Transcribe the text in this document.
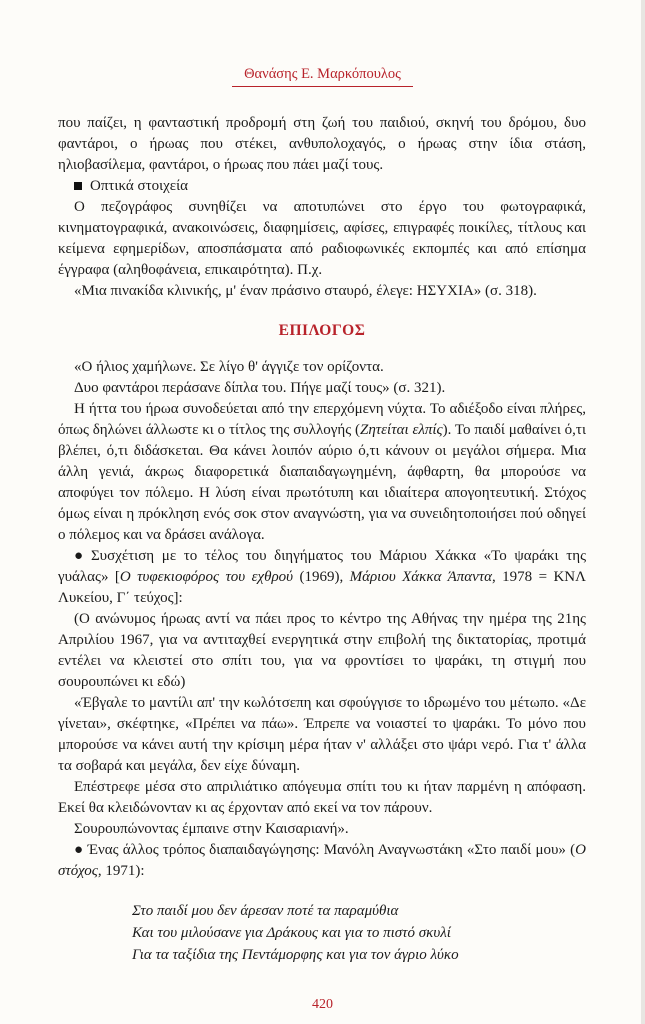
Θανάσης Ε. Μαρκόπουλος

που παίζει, η φανταστική προδρομή στη ζωή του παιδιού, σκηνή του δρόμου, δυο φαντάροι, ο ήρωας που στέκει, ανθυπολοχαγός, ο ήρωας στην ίδια στάση, ηλιοβασίλεμα, φαντάροι, ο ήρωας που πάει μαζί τους.

Οπτικά στοιχεία

Ο πεζογράφος συνηθίζει να αποτυπώνει στο έργο του φωτογραφικά, κινηματογραφικά, ανακοινώσεις, διαφημίσεις, αφίσες, επιγραφές ποικίλες, τίτλους και κείμενα εφημερίδων, αποσπάσματα από ραδιοφωνικές εκπομπές και από επίσημα έγγραφα (αληθοφάνεια, επικαιρότητα). Π.χ.

«Μια πινακίδα κλινικής, μ' έναν πράσινο σταυρό, έλεγε: ΗΣΥΧΙΑ» (σ. 318).

ΕΠΙΛΟΓΟΣ

«Ο ήλιος χαμήλωνε. Σε λίγο θ' άγγιζε τον ορίζοντα.

Δυο φαντάροι περάσανε δίπλα του. Πήγε μαζί τους» (σ. 321).

Η ήττα του ήρωα συνοδεύεται από την επερχόμενη νύχτα. Το αδιέξοδο είναι πλήρες, όπως δηλώνει άλλωστε κι ο τίτλος της συλλογής (Ζητείται ελπίς). Το παιδί μαθαίνει ό,τι βλέπει, ό,τι διδάσκεται. Θα κάνει λοιπόν αύριο ό,τι κάνουν οι μεγάλοι σήμερα. Μια άλλη γενιά, άκρως διαφορετικά διαπαιδαγωγημένη, άφθαρτη, θα μπορούσε να αποφύγει τον πόλεμο. Η λύση είναι πρωτότυπη και ιδιαίτερα απογοητευτική. Στόχος όμως είναι η πρόκληση ενός σοκ στον αναγνώστη, για να συνειδητοποιήσει πού οδηγεί ο πόλεμος και να δράσει ανάλογα.

● Συσχέτιση με το τέλος του διηγήματος του Μάριου Χάκκα «Το ψαράκι της γυάλας» [Ο τυφεκιοφόρος του εχθρού (1969), Μάριου Χάκκα Άπαντα, 1978 = ΚΝΛ Λυκείου, Γ΄ τεύχος]:

(Ο ανώνυμος ήρωας αντί να πάει προς το κέντρο της Αθήνας την ημέρα της 21ης Απριλίου 1967, για να αντιταχθεί ενεργητικά στην επιβολή της δικτατορίας, προτιμά εντέλει να κλειστεί στο σπίτι του, για να φροντίσει το ψαράκι, τη στιγμή που σουρουπώνει κι εδώ)

«Έβγαλε το μαντίλι απ' την κωλότσεπη και σφούγγισε το ιδρωμένο του μέτωπο. «Δε γίνεται», σκέφτηκε, «Πρέπει να πάω». Έπρεπε να νοιαστεί το ψαράκι. Το μόνο που μπορούσε να κάνει αυτή την κρίσιμη μέρα ήταν ν' αλλάξει στο ψάρι νερό. Για τ' άλλα τα σοβαρά και μεγάλα, δεν είχε δύναμη.

Επέστρεφε μέσα στο απριλιάτικο απόγευμα σπίτι του κι ήταν παρμένη η απόφαση. Εκεί θα κλειδώνονταν κι ας έρχονταν από εκεί να τον πάρουν.

Σουρουπώνοντας έμπαινε στην Καισαριανή».

● Ένας άλλος τρόπος διαπαιδαγώγησης: Μανόλη Αναγνωστάκη «Στο παιδί μου» (Ο στόχος, 1971):

Στο παιδί μου δεν άρεσαν ποτέ τα παραμύθια
Και του μιλούσανε για Δράκους και για το πιστό σκυλί
Για τα ταξίδια της Πεντάμορφης και για τον άγριο λύκο
420
